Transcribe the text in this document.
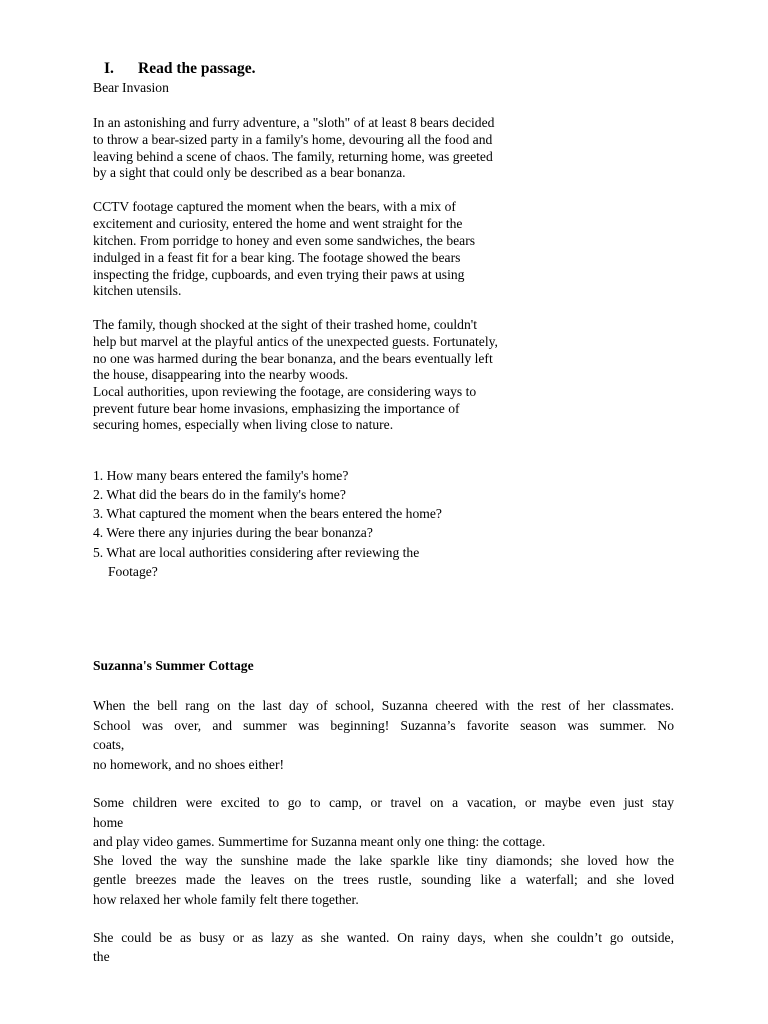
I. Read the passage.
Bear Invasion
In an astonishing and furry adventure, a "sloth" of at least 8 bears decided
to throw a bear-sized party in a family's home, devouring all the food and
leaving behind a scene of chaos. The family, returning home, was greeted
by a sight that could only be described as a bear bonanza.
CCTV footage captured the moment when the bears, with a mix of
excitement and curiosity, entered the home and went straight for the
kitchen. From porridge to honey and even some sandwiches, the bears
indulged in a feast fit for a bear king. The footage showed the bears
inspecting the fridge, cupboards, and even trying their paws at using
kitchen utensils.
The family, though shocked at the sight of their trashed home, couldn't
help but marvel at the playful antics of the unexpected guests. Fortunately,
no one was harmed during the bear bonanza, and the bears eventually left
the house, disappearing into the nearby woods.
Local authorities, upon reviewing the footage, are considering ways to
prevent future bear home invasions, emphasizing the importance of
securing homes, especially when living close to nature.
1. How many bears entered the family's home?
2. What did the bears do in the family's home?
3. What captured the moment when the bears entered the home?
4. Were there any injuries during the bear bonanza?
5. What are local authorities considering after reviewing the
Footage?
Suzanna's Summer Cottage
When the bell rang on the last day of school, Suzanna cheered with the rest of her classmates.
School was over, and summer was beginning! Suzanna’s favorite season was summer. No
coats,
no homework, and no shoes either!
Some children were excited to go to camp, or travel on a vacation, or maybe even just stay
home
and play video games. Summertime for Suzanna meant only one thing: the cottage.
She loved the way the sunshine made the lake sparkle like tiny diamonds; she loved how the
gentle breezes made the leaves on the trees rustle, sounding like a waterfall; and she loved
how relaxed her whole family felt there together.
She could be as busy or as lazy as she wanted. On rainy days, when she couldn’t go outside,
the
